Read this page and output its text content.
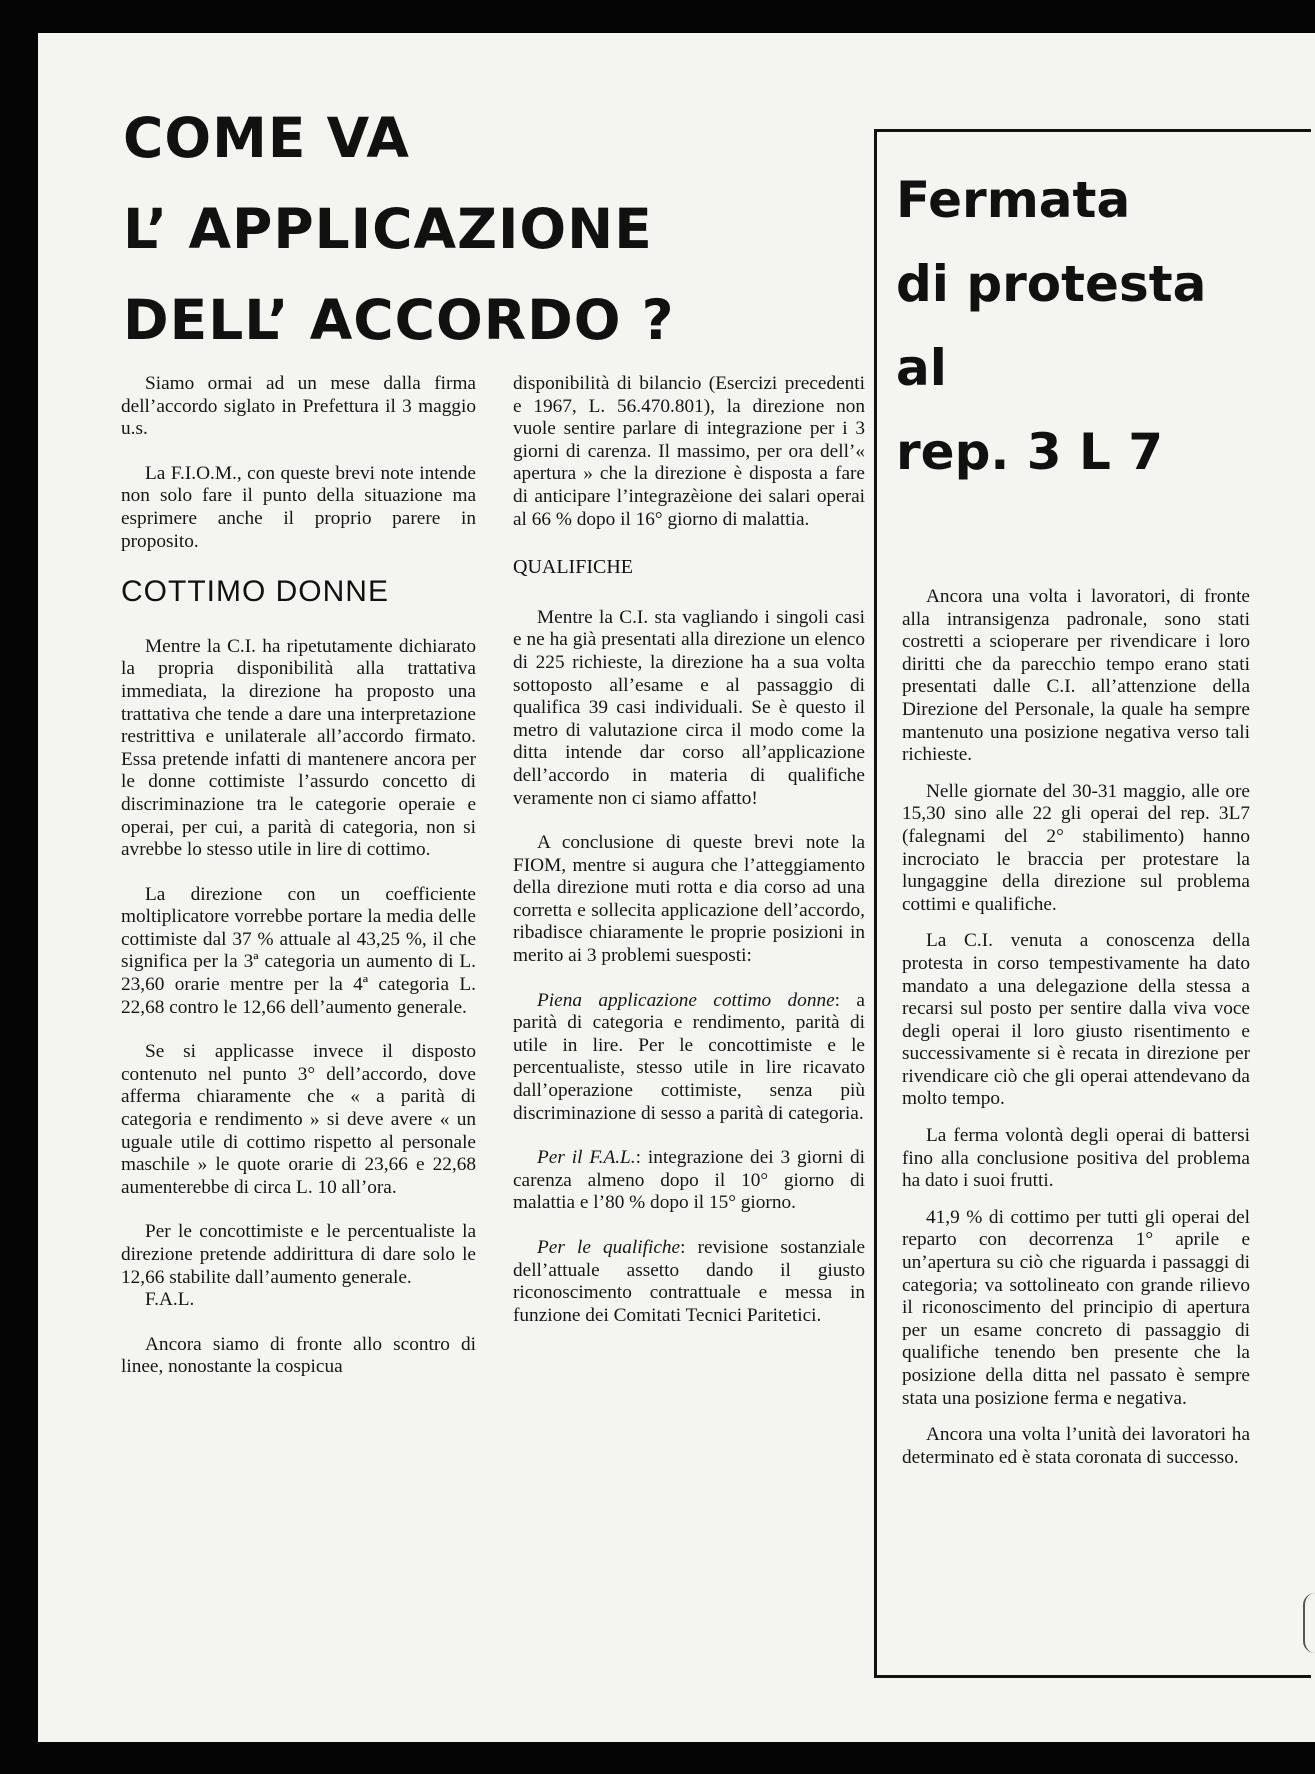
COME VA
L’ APPLICAZIONE
DELL’ ACCORDO ?

Siamo ormai ad un mese dalla firma dell’accordo siglato in Prefettura il 3 maggio u.s.

La F.I.O.M., con queste brevi note intende non solo fare il punto della situazione ma esprimere anche il proprio parere in proposito.

COTTIMO DONNE

Mentre la C.I. ha ripetutamente dichiarato la propria disponibilità alla trattativa immediata, la direzione ha proposto una trattativa che tende a dare una interpretazione restrittiva e unilaterale all’accordo firmato. Essa pretende infatti di mantenere ancora per le donne cottimiste l’assurdo concetto di discriminazione tra le categorie operaie e operai, per cui, a parità di categoria, non si avrebbe lo stesso utile in lire di cottimo.

La direzione con un coefficiente moltiplicatore vorrebbe portare la media delle cottimiste dal 37 % attuale al 43,25 %, il che significa per la 3ª categoria un aumento di L. 23,60 orarie mentre per la 4ª categoria L. 22,68 contro le 12,66 dell’aumento generale.

Se si applicasse invece il disposto contenuto nel punto 3° dell’accordo, dove afferma chiaramente che « a parità di categoria e rendimento » si deve avere « un uguale utile di cottimo rispetto al personale maschile » le quote orarie di 23,66 e 22,68 aumenterebbe di circa L. 10 all’ora.

Per le concottimiste e le percentualiste la direzione pretende addirittura di dare solo le 12,66 stabilite dall’aumento generale.

F.A.L.

Ancora siamo di fronte allo scontro di linee, nonostante la cospicua

disponibilità di bilancio (Esercizi precedenti e 1967, L. 56.470.801), la direzione non vuole sentire parlare di integrazione per i 3 giorni di carenza. Il massimo, per ora dell’« apertura » che la direzione è disposta a fare di anticipare l’integrazèione dei salari operai al 66 % dopo il 16° giorno di malattia.

QUALIFICHE

Mentre la C.I. sta vagliando i singoli casi e ne ha già presentati alla direzione un elenco di 225 richieste, la direzione ha a sua volta sottoposto all’esame e al passaggio di qualifica 39 casi individuali. Se è questo il metro di valutazione circa il modo come la ditta intende dar corso all’applicazione dell’accordo in materia di qualifiche veramente non ci siamo affatto!

A conclusione di queste brevi note la FIOM, mentre si augura che l’atteggiamento della direzione muti rotta e dia corso ad una corretta e sollecita applicazione dell’accordo, ribadisce chiaramente le proprie posizioni in merito ai 3 problemi suesposti:

Piena applicazione cottimo donne: a parità di categoria e rendimento, parità di utile in lire. Per le concottimiste e le percentualiste, stesso utile in lire ricavato dall’operazione cottimiste, senza più discriminazione di sesso a parità di categoria.

Per il F.A.L.: integrazione dei 3 giorni di carenza almeno dopo il 10° giorno di malattia e l’80 % dopo il 15° giorno.

Per le qualifiche: revisione sostanziale dell’attuale assetto dando il giusto riconoscimento contrattuale e messa in funzione dei Comitati Tecnici Paritetici.

Fermata
di protesta
al
rep. 3 L 7

Ancora una volta i lavoratori, di fronte alla intransigenza padronale, sono stati costretti a scioperare per rivendicare i loro diritti che da parecchio tempo erano stati presentati dalle C.I. all’attenzione della Direzione del Personale, la quale ha sempre mantenuto una posizione negativa verso tali richieste.

Nelle giornate del 30-31 maggio, alle ore 15,30 sino alle 22 gli operai del rep. 3L7 (falegnami del 2° stabilimento) hanno incrociato le braccia per protestare la lungaggine della direzione sul problema cottimi e qualifiche.

La C.I. venuta a conoscenza della protesta in corso tempestivamente ha dato mandato a una delegazione della stessa a recarsi sul posto per sentire dalla viva voce degli operai il loro giusto risentimento e successivamente si è recata in direzione per rivendicare ciò che gli operai attendevano da molto tempo.

La ferma volontà degli operai di battersi fino alla conclusione positiva del problema ha dato i suoi frutti.

41,9 % di cottimo per tutti gli operai del reparto con decorrenza 1° aprile e un’apertura su ciò che riguarda i passaggi di categoria; va sottolineato con grande rilievo il riconoscimento del principio di apertura per un esame concreto di passaggio di qualifiche tenendo ben presente che la posizione della ditta nel passato è sempre stata una posizione ferma e negativa.

Ancora una volta l’unità dei lavoratori ha determinato ed è stata coronata di successo.
